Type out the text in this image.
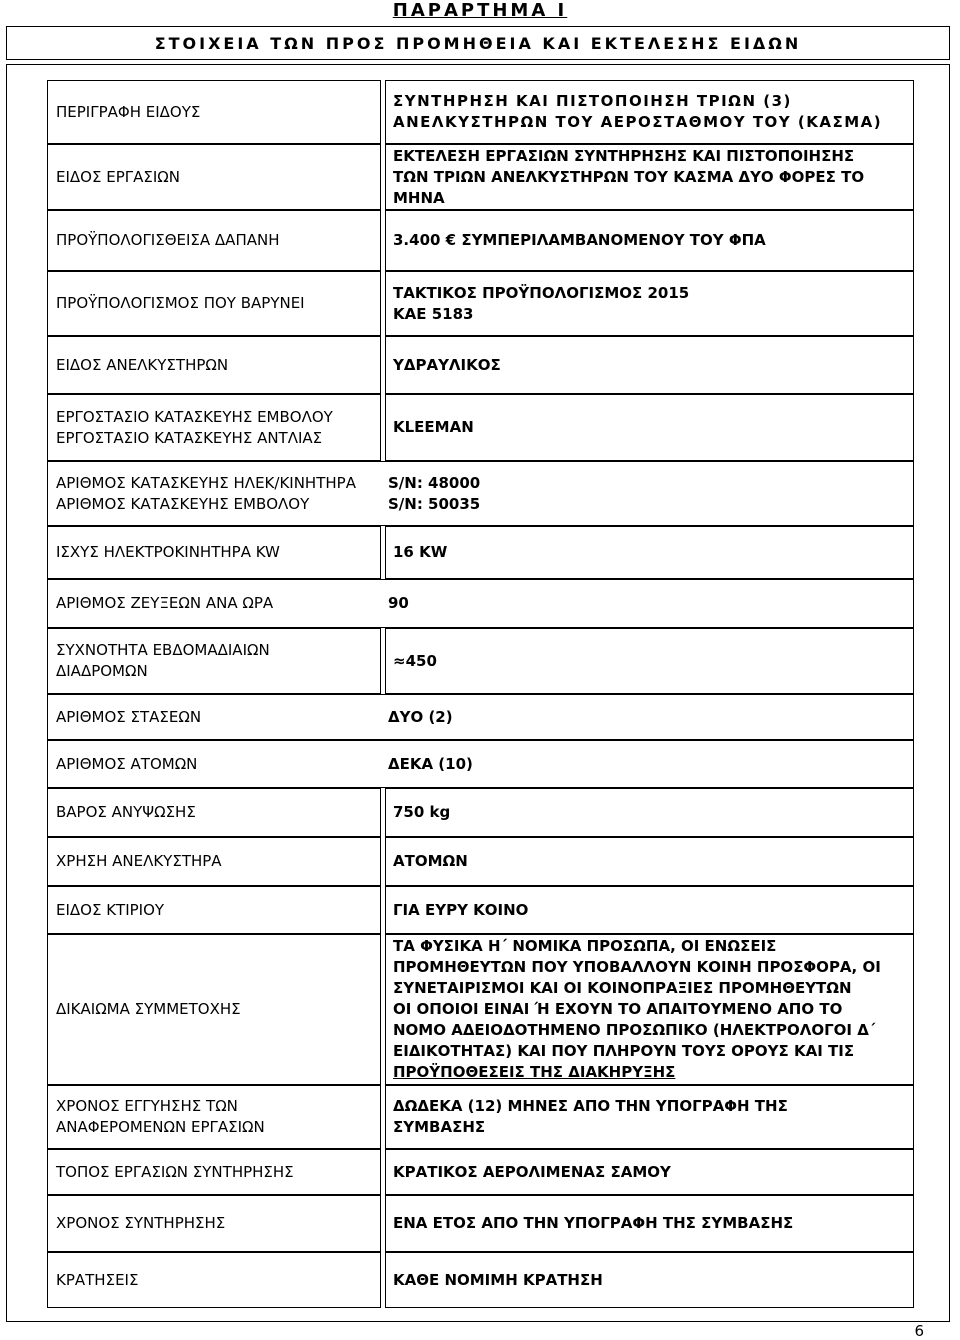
ΠΑΡΑΡΤΗΜΑ Ι
ΣΤΟΙΧΕΙΑ ΤΩΝ ΠΡΟΣ ΠΡΟΜΗΘΕΙΑ ΚΑΙ ΕΚΤΕΛΕΣΗΣ ΕΙΔΩΝ
ΠΕΡΙΓΡΑΦΗ ΕΙΔΟΥΣ
ΕΙΔΟΣ ΕΡΓΑΣΙΩΝ
ΠΡΟΫΠΟΛΟΓΙΣΘΕΙΣΑ ΔΑΠΑΝΗ
ΠΡΟΫΠΟΛΟΓΙΣΜΟΣ ΠΟΥ ΒΑΡΥΝΕΙ
ΕΙΔΟΣ ΑΝΕΛΚΥΣΤΗΡΩΝ
ΕΡΓΟΣΤΑΣΙΟ ΚΑΤΑΣΚΕΥΗΣ ΕΜΒΟΛΟΥ
ΕΡΓΟΣΤΑΣΙΟ ΚΑΤΑΣΚΕΥΗΣ ΑΝΤΛΙΑΣ
ΑΡΙΘΜΟΣ ΚΑΤΑΣΚΕΥΗΣ ΗΛΕΚ/ΚΙΝΗΤΗΡΑ
ΑΡΙΘΜΟΣ ΚΑΤΑΣΚΕΥΗΣ ΕΜΒΟΛΟΥ
ΙΣΧΥΣ ΗΛΕΚΤΡΟΚΙΝΗΤΗΡΑ KW
ΑΡΙΘΜΟΣ ΖΕΥΞΕΩΝ ΑΝΑ ΩΡΑ
ΣΥΧΝΟΤΗΤΑ ΕΒΔΟΜΑΔΙΑΙΩΝ
ΔΙΑΔΡΟΜΩΝ
ΑΡΙΘΜΟΣ ΣΤΑΣΕΩΝ
ΑΡΙΘΜΟΣ ΑΤΟΜΩΝ
ΒΑΡΟΣ ΑΝΥΨΩΣΗΣ
ΧΡΗΣΗ ΑΝΕΛΚΥΣΤΗΡΑ
ΕΙΔΟΣ ΚΤΙΡΙΟΥ
ΔΙΚΑΙΩΜΑ ΣΥΜΜΕΤΟΧΗΣ
ΧΡΟΝΟΣ ΕΓΓΥΗΣΗΣ ΤΩΝ
ΑΝΑΦΕΡΟΜΕΝΩΝ ΕΡΓΑΣΙΩΝ
ΤΟΠΟΣ ΕΡΓΑΣΙΩΝ ΣΥΝΤΗΡΗΣΗΣ
ΧΡΟΝΟΣ ΣΥΝΤΗΡΗΣΗΣ
ΚΡΑΤΗΣΕΙΣ
ΣΥΝΤΗΡΗΣΗ ΚΑΙ ΠΙΣΤΟΠΟΙΗΣΗ ΤΡΙΩΝ (3)
ΑΝΕΛΚΥΣΤΗΡΩΝ ΤΟΥ ΑΕΡΟΣΤΑΘΜΟΥ ΤΟΥ (ΚΑΣΜΑ)
ΕΚΤΕΛΕΣΗ ΕΡΓΑΣΙΩΝ ΣΥΝΤΗΡΗΣΗΣ ΚΑΙ ΠΙΣΤΟΠΟΙΗΣΗΣ
ΤΩΝ ΤΡΙΩΝ ΑΝΕΛΚΥΣΤΗΡΩΝ ΤΟΥ ΚΑΣΜΑ ΔΥΟ ΦΟΡΕΣ ΤΟ
ΜΗΝΑ
3.400 € ΣΥΜΠΕΡΙΛΑΜΒΑΝΟΜΕΝΟΥ ΤΟΥ ΦΠΑ
ΤΑΚΤΙΚΟΣ ΠΡΟΫΠΟΛΟΓΙΣΜΟΣ 2015
ΚΑΕ 5183
ΥΔΡΑΥΛΙΚΟΣ
KLEEMAN
S/N: 48000
S/N: 50035
16 KW
90
≈450
ΔΥΟ (2)
ΔΕΚΑ (10)
750 kg
ΑΤΟΜΩΝ
ΓΙΑ ΕΥΡΥ ΚΟΙΝΟ
ΤΑ ΦΥΣΙΚΑ Η΄ ΝΟΜΙΚΑ ΠΡΟΣΩΠΑ, ΟΙ ΕΝΩΣΕΙΣ
ΠΡΟΜΗΘΕΥΤΩΝ ΠΟΥ ΥΠΟΒΑΛΛΟΥΝ ΚΟΙΝΗ ΠΡΟΣΦΟΡΑ, ΟΙ
ΣΥΝΕΤΑΙΡΙΣΜΟΙ ΚΑΙ ΟΙ ΚΟΙΝΟΠΡΑΞΙΕΣ ΠΡΟΜΗΘΕΥΤΩΝ
ΟΙ ΟΠΟΙΟΙ ΕΙΝΑΙ Ή ΕΧΟΥΝ ΤΟ ΑΠΑΙΤΟΥΜΕΝΟ ΑΠΟ ΤΟ
ΝΟΜΟ ΑΔΕΙΟΔΟΤΗΜΕΝΟ ΠΡΟΣΩΠΙΚΟ (ΗΛΕΚΤΡΟΛΟΓΟΙ Δ΄
ΕΙΔΙΚΟΤΗΤΑΣ) ΚΑΙ ΠΟΥ ΠΛΗΡΟΥΝ ΤΟΥΣ ΟΡΟΥΣ ΚΑΙ ΤΙΣ
ΠΡΟΫΠΟΘΕΣΕΙΣ ΤΗΣ ΔΙΑΚΗΡΥΞΗΣ
ΔΩΔΕΚΑ (12) ΜΗΝΕΣ ΑΠΟ ΤΗΝ ΥΠΟΓΡΑΦΗ ΤΗΣ
ΣΥΜΒΑΣΗΣ
ΚΡΑΤΙΚΟΣ ΑΕΡΟΛΙΜΕΝΑΣ ΣΑΜΟΥ
ΕΝΑ ΕΤΟΣ ΑΠΟ ΤΗΝ ΥΠΟΓΡΑΦΗ ΤΗΣ ΣΥΜΒΑΣΗΣ
ΚΑΘΕ ΝΟΜΙΜΗ ΚΡΑΤΗΣΗ
6
